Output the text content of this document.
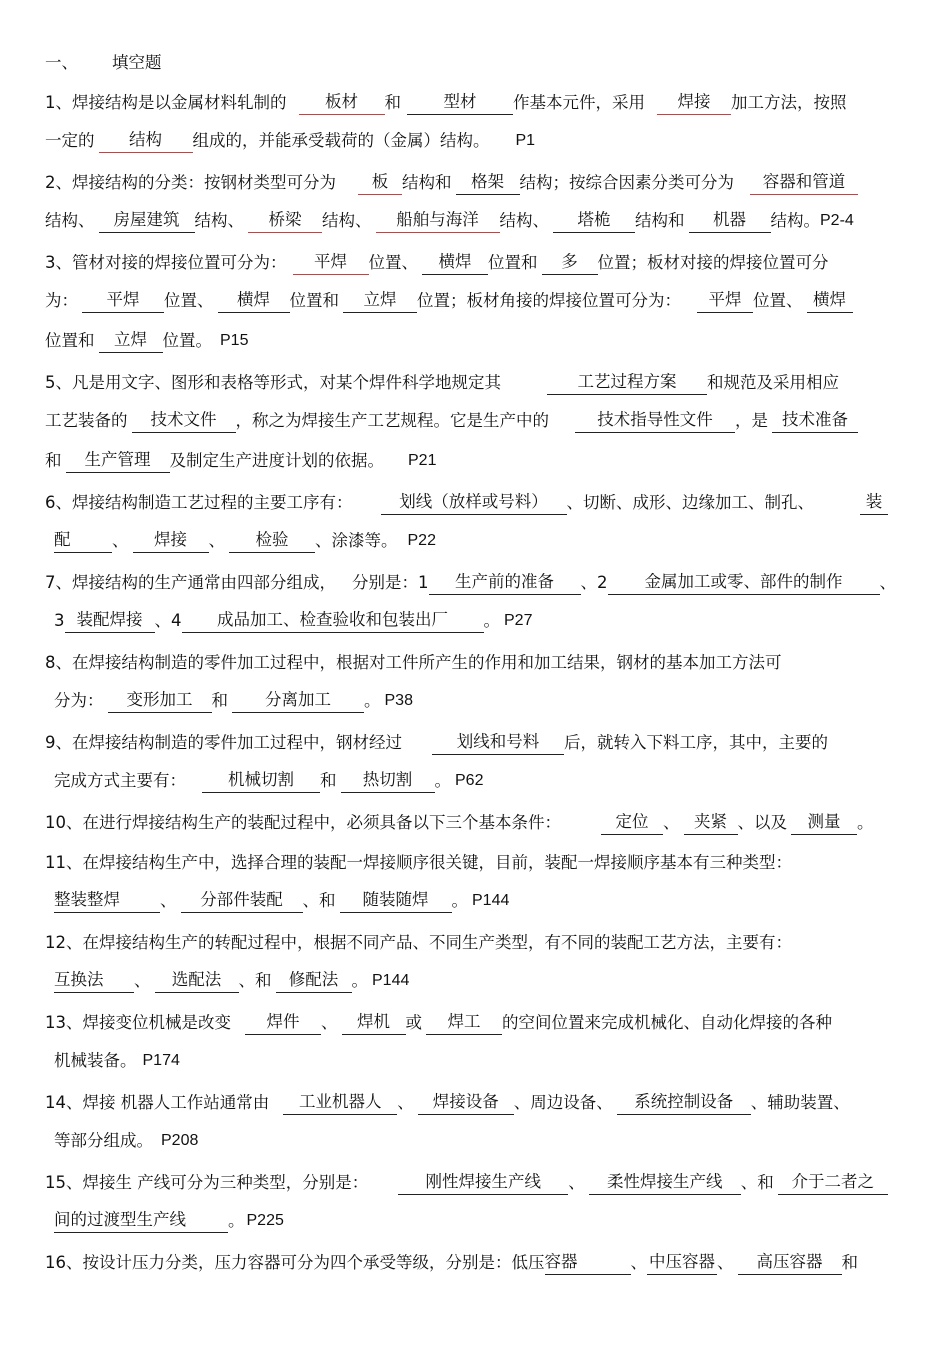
一、 填空题
1、焊接结构是以金属材料轧制的 板材 和	型材 作基本元件，采用 焊接 加工方法，按照
一定的 结构 组成的，并能承受载荷的（金属）结构。 P1
2、焊接结构的分类：按钢材类型可分为 板 结构和 格架 结构；按综合因素分类可分为 容器和管道
结构、 房屋建筑 结构、 桥梁 结构、 船舶与海洋 结构、 塔桅 结构和 机器 结构。P2-4
3、管材对接的焊接位置可分为： 平焊 位置、 横焊 位置和 多 位置；板材对接的焊接位置可分
为： 平焊 位置、 横焊 位置和 立焊 位置；板材角接的焊接位置可分为： 平焊 位置、 横焊
位置和 立焊 位置。 P15
5、凡是用文字、图形和表格等形式，对某个焊件科学地规定其	工艺过程方案 和规范及采用相应
工艺装备的 技术文件 ，称之为焊接生产工艺规程。它是生产中的	技术指导性文件 ，是 技术准备
和 生产管理 及制定生产进度计划的依据。 P21
6、焊接结构制造工艺过程的主要工序有：	划线（放样或号料） 、切断、成形、边缘加工、制孔、	装
配	、 焊接 、 检验 、涂漆等。 P22
7、焊接结构的生产通常由四部分组成， 分别是：1 生产前的准备 、2 金属加工或零、部件的制作 、
3 装配焊接 、4 成品加工、检查验收和包装出厂 。 P27
8、在焊接结构制造的零件加工过程中，根据对工件所产生的作用和加工结果，钢材的基本加工方法可
分为： 变形加工 和 分离加工 。 P38
9、在焊接结构制造的零件加工过程中，钢材经过	划线和号料 后，就转入下料工序，其中，主要的
完成方式主要有：	机械切割 和 热切割 。 P62
10、在进行焊接结构生产的装配过程中，必须具备以下三个基本条件：	定位 、 夹紧 、以及 测量 。
11、在焊接结构生产中，选择合理的装配一焊接顺序很关键，目前，装配一焊接顺序基本有三种类型：
整装整焊 、 分部件装配 、和 随装随焊 。 P144
12、在焊接结构生产的转配过程中，根据不同产品、不同生产类型，有不同的装配工艺方法，主要有：
互换法 、 选配法 、和 修配法 。 P144
13、焊接变位机械是改变 焊件 、 焊机 或 焊工 的空间位置来完成机械化、自动化焊接的各种
机械装备。 P174
14、焊接 机器人工作站通常由 工业机器人 、 焊接设备 、周边设备、 系统控制设备 、辅助装置、
等部分组成。 P208
15、焊接生 产线可分为三种类型，分别是：	刚性焊接生产线 、 柔性焊接生产线 、和 介于二者之
间的过渡型生产线	。 P225
16、按设计压力分类，压力容器可分为四个承受等级，分别是：低压容器	、 中压容器 、 高压容器 和
